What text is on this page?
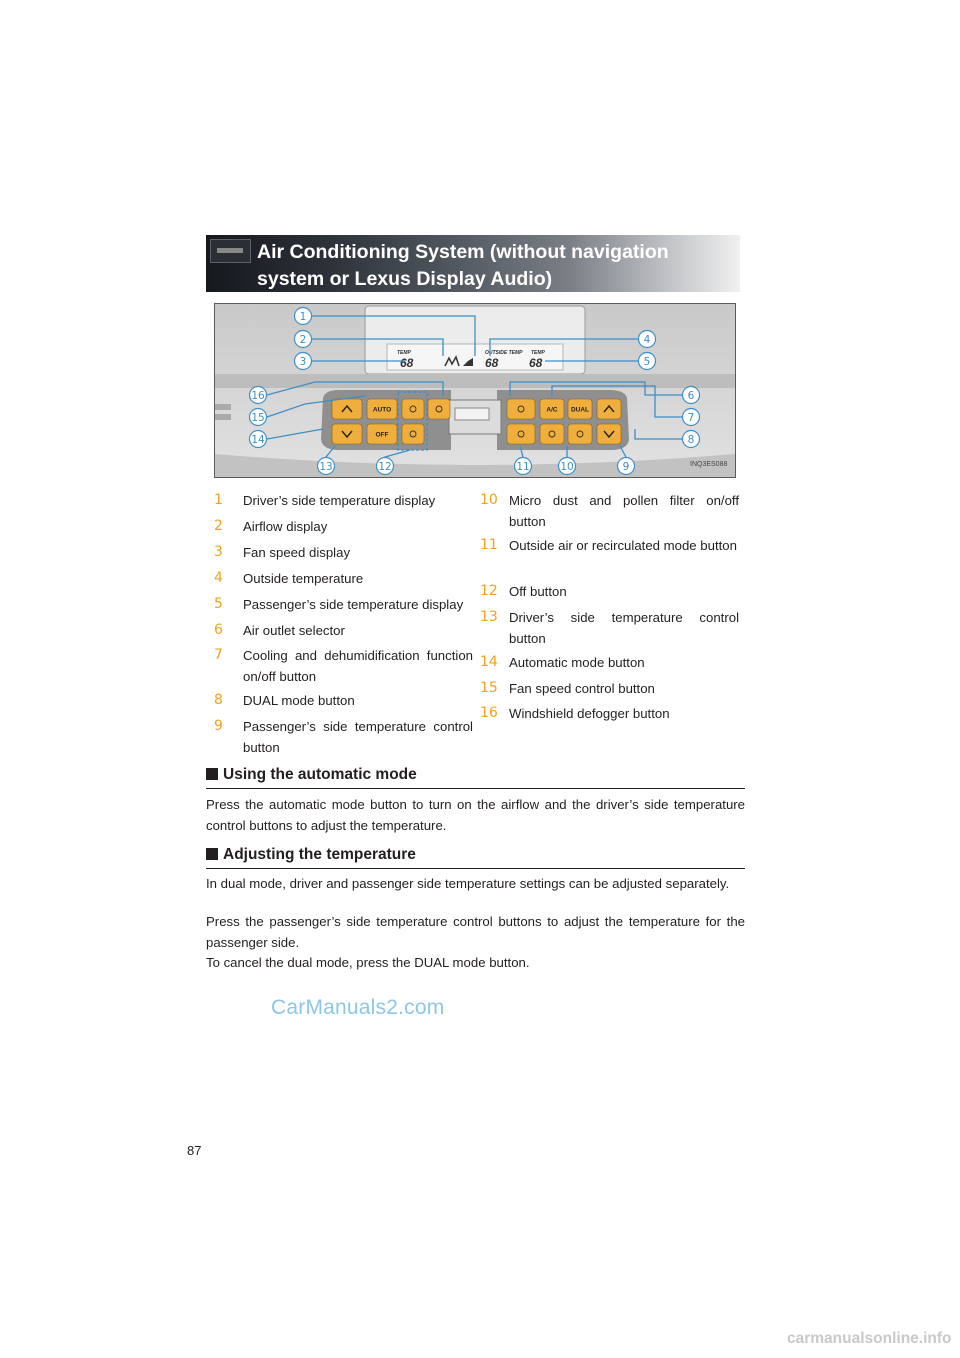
Air Conditioning System (without navigation system or Lexus Display Audio)
AUTO
OFF
A/C DUAL
TEMP
68
OUTSIDE TEMP
68
TEMP
68
1
2
3
4
5
6
7
8
9
10
11
12
13
14
15
16
INQ3ES088
1	Driver’s side temperature display
2	Airflow display
3	Fan speed display
4	Outside temperature
5	Passenger’s side temperature display
6	Air outlet selector
7	Cooling and dehumidification function on/off button
8	DUAL mode button
9	Passenger’s side temperature control button
10 Micro dust and pollen filter on/off button
11 Outside air or recirculated mode button
12 Off button
13 Driver’s side temperature control button
14 Automatic mode button
15 Fan speed control button
16 Windshield defogger button
Using the automatic mode
Press the automatic mode button to turn on the airflow and the driver’s side temperature control buttons to adjust the temperature.
Adjusting the temperature
In dual mode, driver and passenger side temperature settings can be adjusted separately.
Press the passenger’s side temperature control buttons to adjust the temperature for the passenger side.
To cancel the dual mode, press the DUAL mode button.
CarManuals2.com
87
carmanualsonline.info
